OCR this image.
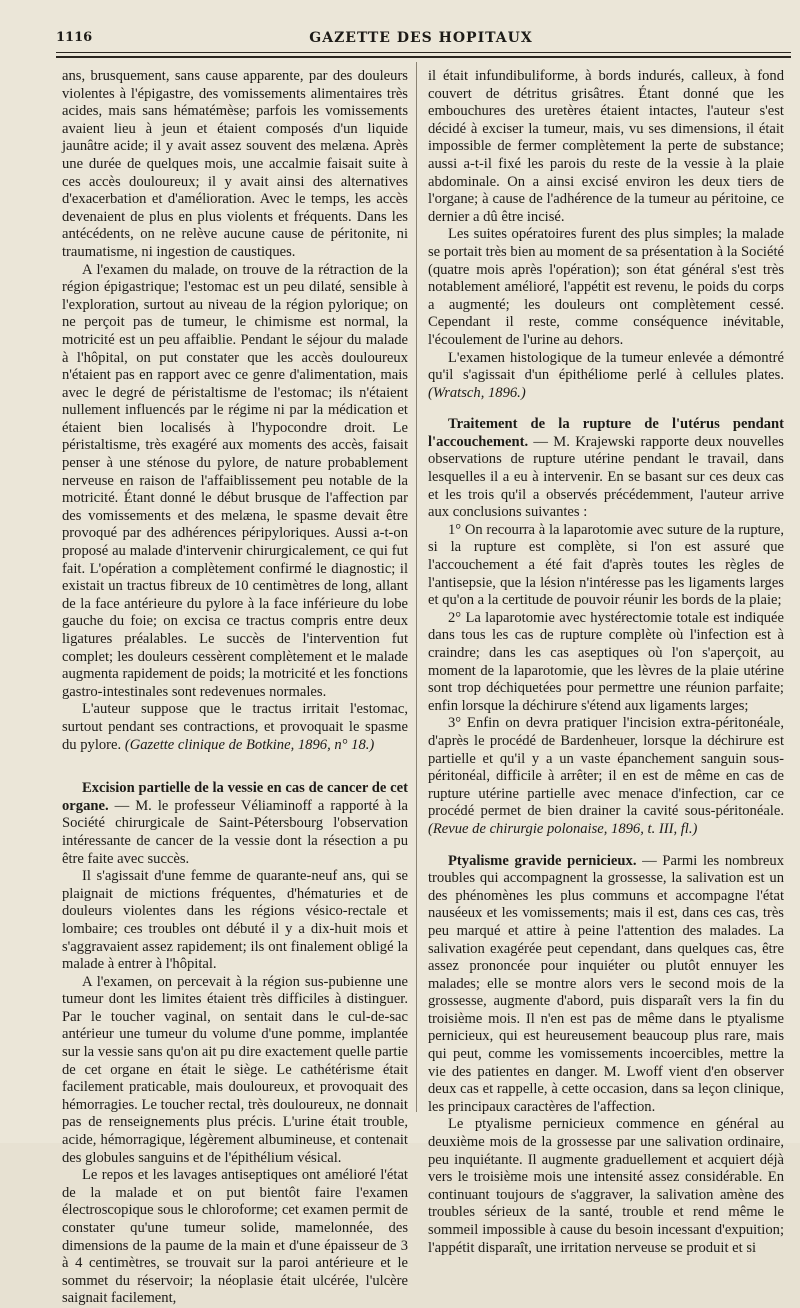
1116	GAZETTE DES HOPITAUX

ans, brusquement, sans cause apparente, par des douleurs violentes à l'épigastre, des vomissements alimentaires très acides, mais sans hématémèse; parfois les vomissements avaient lieu à jeun et étaient composés d'un liquide jaunâtre acide; il y avait assez souvent des melæna. Après une durée de quelques mois, une accalmie faisait suite à ces accès douloureux; il y avait ainsi des alternatives d'exacerbation et d'amélioration. Avec le temps, les accès devenaient de plus en plus violents et fréquents. Dans les antécédents, on ne relève aucune cause de péritonite, ni traumatisme, ni ingestion de caustiques.

A l'examen du malade, on trouve de la rétraction de la région épigastrique; l'estomac est un peu dilaté, sensible à l'exploration, surtout au niveau de la région pylorique; on ne perçoit pas de tumeur, le chimisme est normal, la motricité est un peu affaiblie. Pendant le séjour du malade à l'hôpital, on put constater que les accès douloureux n'étaient pas en rapport avec ce genre d'alimentation, mais avec le degré de péristaltisme de l'estomac; ils n'étaient nullement influencés par le régime ni par la médication et étaient bien localisés à l'hypocondre droit. Le péristaltisme, très exagéré aux moments des accès, faisait penser à une sténose du pylore, de nature probablement nerveuse en raison de l'affaiblissement peu notable de la motricité. Étant donné le début brusque de l'affection par des vomissements et des melæna, le spasme devait être provoqué par des adhérences péripyloriques. Aussi a-t-on proposé au malade d'intervenir chirurgicalement, ce qui fut fait. L'opération a complètement confirmé le diagnostic; il existait un tractus fibreux de 10 centimètres de long, allant de la face antérieure du pylore à la face inférieure du lobe gauche du foie; on excisa ce tractus compris entre deux ligatures préalables. Le succès de l'intervention fut complet; les douleurs cessèrent complètement et le malade augmenta rapidement de poids; la motricité et les fonctions gastro-intestinales sont redevenues normales.

L'auteur suppose que le tractus irritait l'estomac, surtout pendant ses contractions, et provoquait le spasme du pylore. (Gazette clinique de Botkine, 1896, n° 18.)

Excision partielle de la vessie en cas de cancer de cet organe. — M. le professeur Véliaminoff a rapporté à la Société chirurgicale de Saint-Pétersbourg l'observation intéressante de cancer de la vessie dont la résection a pu être faite avec succès.

Il s'agissait d'une femme de quarante-neuf ans, qui se plaignait de mictions fréquentes, d'hématuries et de douleurs violentes dans les régions vésico-rectale et lombaire; ces troubles ont débuté il y a dix-huit mois et s'aggravaient assez rapidement; ils ont finalement obligé la malade à entrer à l'hôpital.

A l'examen, on percevait à la région sus-pubienne une tumeur dont les limites étaient très difficiles à distinguer. Par le toucher vaginal, on sentait dans le cul-de-sac antérieur une tumeur du volume d'une pomme, implantée sur la vessie sans qu'on ait pu dire exactement quelle partie de cet organe en était le siège. Le cathétérisme était facilement praticable, mais douloureux, et provoquait des hémorragies. Le toucher rectal, très douloureux, ne donnait pas de renseignements plus précis. L'urine était trouble, acide, hémorragique, légèrement albumineuse, et contenait des globules sanguins et de l'épithélium vésical.

Le repos et les lavages antiseptiques ont amélioré l'état de la malade et on put bientôt faire l'examen électroscopique sous le chloroforme; cet examen permit de constater qu'une tumeur solide, mamelonnée, des dimensions de la paume de la main et d'une épaisseur de 3 à 4 centimètres, se trouvait sur la paroi antérieure et le sommet du réservoir; la néoplasie était ulcérée, l'ulcère saignait facilement,

il était infundibuliforme, à bords indurés, calleux, à fond couvert de détritus grisâtres. Étant donné que les embouchures des uretères étaient intactes, l'auteur s'est décidé à exciser la tumeur, mais, vu ses dimensions, il était impossible de fermer complètement la perte de substance; aussi a-t-il fixé les parois du reste de la vessie à la plaie abdominale. On a ainsi excisé environ les deux tiers de l'organe; à cause de l'adhérence de la tumeur au péritoine, ce dernier a dû être incisé.

Les suites opératoires furent des plus simples; la malade se portait très bien au moment de sa présentation à la Société (quatre mois après l'opération); son état général s'est très notablement amélioré, l'appétit est revenu, le poids du corps a augmenté; les douleurs ont complètement cessé. Cependant il reste, comme conséquence inévitable, l'écoulement de l'urine au dehors.

L'examen histologique de la tumeur enlevée a démontré qu'il s'agissait d'un épithéliome perlé à cellules plates. (Wratsch, 1896.)

Traitement de la rupture de l'utérus pendant l'accouchement. — M. Krajewski rapporte deux nouvelles observations de rupture utérine pendant le travail, dans lesquelles il a eu à intervenir. En se basant sur ces deux cas et les trois qu'il a observés précédemment, l'auteur arrive aux conclusions suivantes :

1° On recourra à la laparotomie avec suture de la rupture, si la rupture est complète, si l'on est assuré que l'accouchement a été fait d'après toutes les règles de l'antisepsie, que la lésion n'intéresse pas les ligaments larges et qu'on a la certitude de pouvoir réunir les bords de la plaie;

2° La laparotomie avec hystérectomie totale est indiquée dans tous les cas de rupture complète où l'infection est à craindre; dans les cas aseptiques où l'on s'aperçoit, au moment de la laparotomie, que les lèvres de la plaie utérine sont trop déchiquetées pour permettre une réunion parfaite; enfin lorsque la déchirure s'étend aux ligaments larges;

3° Enfin on devra pratiquer l'incision extra-péritonéale, d'après le procédé de Bardenheuer, lorsque la déchirure est partielle et qu'il y a un vaste épanchement sanguin sous-péritonéal, difficile à arrêter; il en est de même en cas de rupture utérine partielle avec menace d'infection, car ce procédé permet de bien drainer la cavité sous-péritonéale. (Revue de chirurgie polonaise, 1896, t. III, fl.)

Ptyalisme gravide pernicieux. — Parmi les nombreux troubles qui accompagnent la grossesse, la salivation est un des phénomènes les plus communs et accompagne l'état nauséeux et les vomissements; mais il est, dans ces cas, très peu marqué et attire à peine l'attention des malades. La salivation exagérée peut cependant, dans quelques cas, être assez prononcée pour inquiéter ou plutôt ennuyer les malades; elle se montre alors vers le second mois de la grossesse, augmente d'abord, puis disparaît vers la fin du troisième mois. Il n'en est pas de même dans le ptyalisme pernicieux, qui est heureusement beaucoup plus rare, mais qui peut, comme les vomissements incoercibles, mettre la vie des patientes en danger. M. Lwoff vient d'en observer deux cas et rappelle, à cette occasion, dans sa leçon clinique, les principaux caractères de l'affection.

Le ptyalisme pernicieux commence en général au deuxième mois de la grossesse par une salivation ordinaire, peu inquiétante. Il augmente graduellement et acquiert déjà vers le troisième mois une intensité assez considérable. En continuant toujours de s'aggraver, la salivation amène des troubles sérieux de la santé, trouble et rend même le sommeil impossible à cause du besoin incessant d'expuition; l'appétit disparaît, une irritation nerveuse se produit et si
